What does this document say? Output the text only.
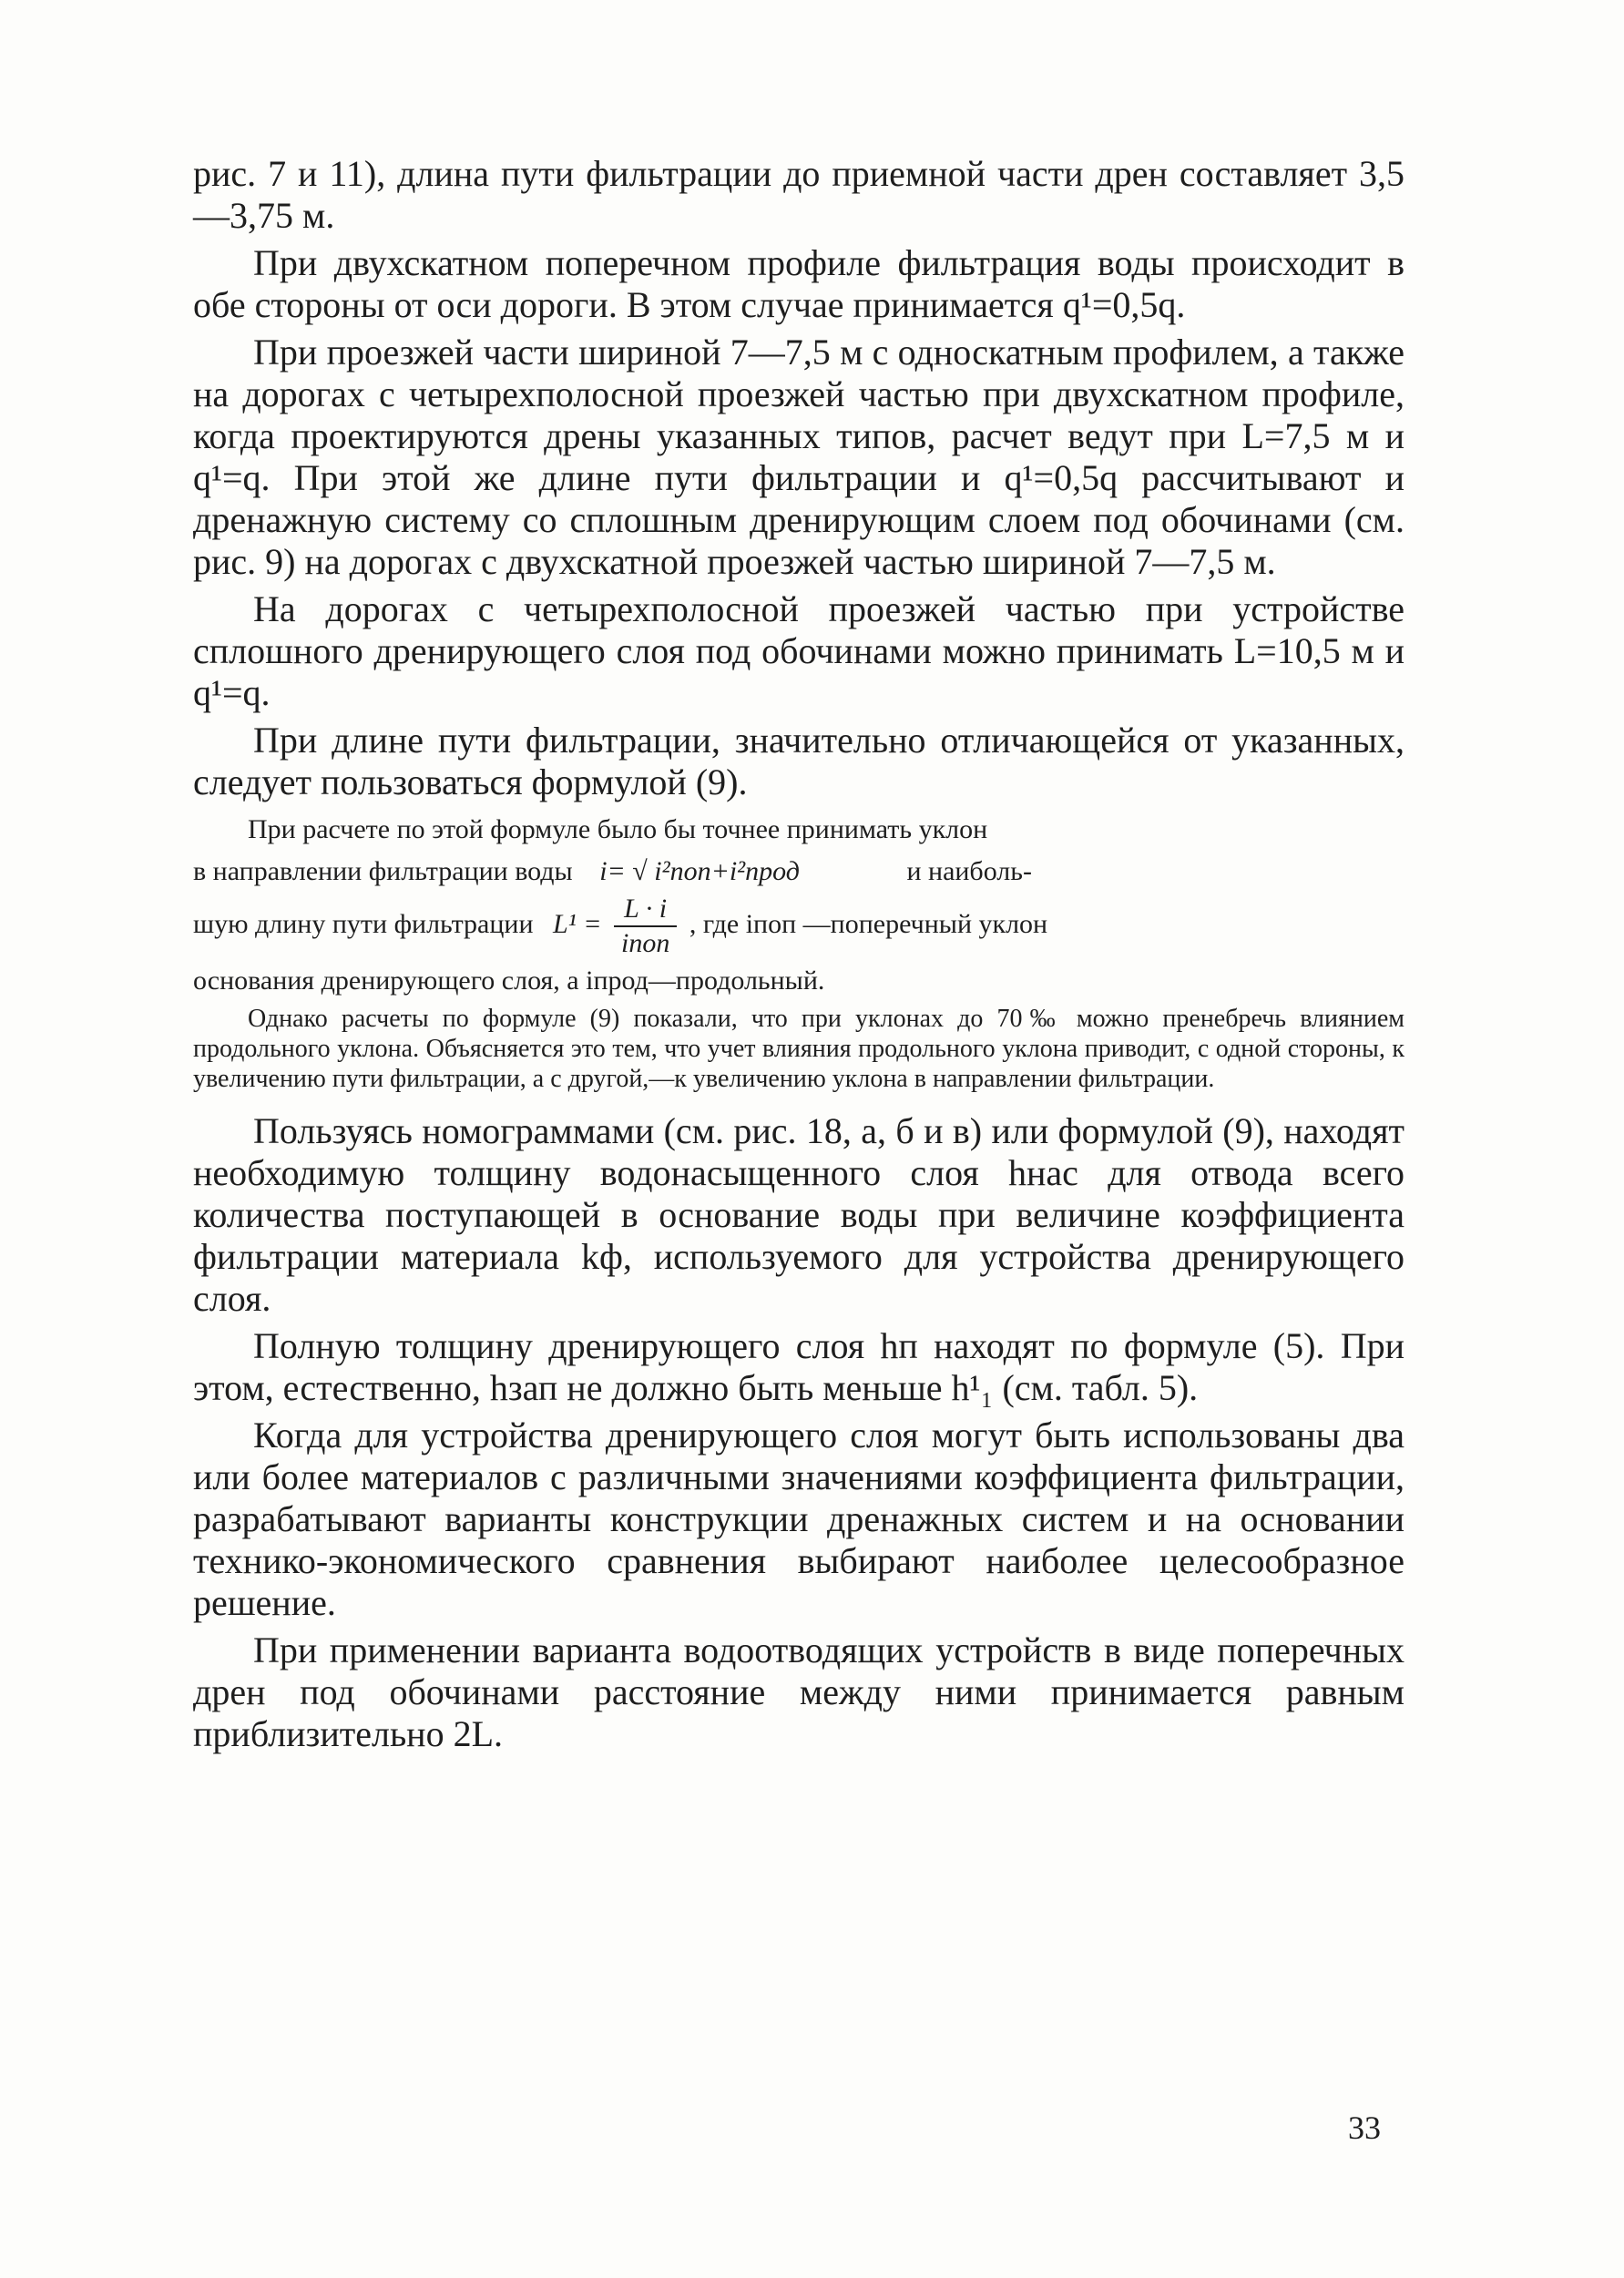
рис. 7 и 11), длина пути фильтрации до приемной части дрен составляет 3,5—3,75 м.

При двухскатном поперечном профиле фильтрация воды происходит в обе стороны от оси дороги. В этом случае принимается q¹=0,5q.

При проезжей части шириной 7—7,5 м с односкатным профилем, а также на дорогах с четырехполосной проезжей частью при двухскатном профиле, когда проектируются дрены указанных типов, расчет ведут при L=7,5 м и q¹=q. При этой же длине пути фильтрации и q¹=0,5q рассчитывают и дренажную систему со сплошным дренирующим слоем под обочинами (см. рис. 9) на дорогах с двухскатной проезжей частью шириной 7—7,5 м.

На дорогах с четырехполосной проезжей частью при устройстве сплошного дренирующего слоя под обочинами можно принимать L=10,5 м и q¹=q.

При длине пути фильтрации, значительно отличающейся от указанных, следует пользоваться формулой (9).

При расчете по этой формуле было бы точнее принимать уклон

в направлении фильтрации воды i= √ i²поп+i²прод	и наиболь-
шую длину пути фильтрации $L^1 = \frac{L \cdot i}{\text{iпоп}}$ , где iпоп —поперечный уклон

основания дренирующего слоя, а iпрод—продольный.

Однако расчеты по формуле (9) показали, что при уклонах до 70‰ можно пренебречь влиянием продольного уклона. Объясняется это тем, что учет влияния продольного уклона приводит, с одной стороны, к увеличению пути фильтрации, а с другой,—к увеличению уклона в направлении фильтрации.

Пользуясь номограммами (см. рис. 18, а, б и в) или формулой (9), находят необходимую толщину водонасыщенного слоя hнас для отвода всего количества поступающей в основание воды при величине коэффициента фильтрации материала kф, используемого для устройства дренирующего слоя.

Полную толщину дренирующего слоя hп находят по формуле (5). При этом, естественно, hзап не должно быть меньше h¹₁ (см. табл. 5).

Когда для устройства дренирующего слоя могут быть использованы два или более материалов с различными значениями коэффициента фильтрации, разрабатывают варианты конструкции дренажных систем и на основании технико-экономического сравнения выбирают наиболее целесообразное решение.

При применении варианта водоотводящих устройств в виде поперечных дрен под обочинами расстояние между ними принимается равным приблизительно 2L.

33
